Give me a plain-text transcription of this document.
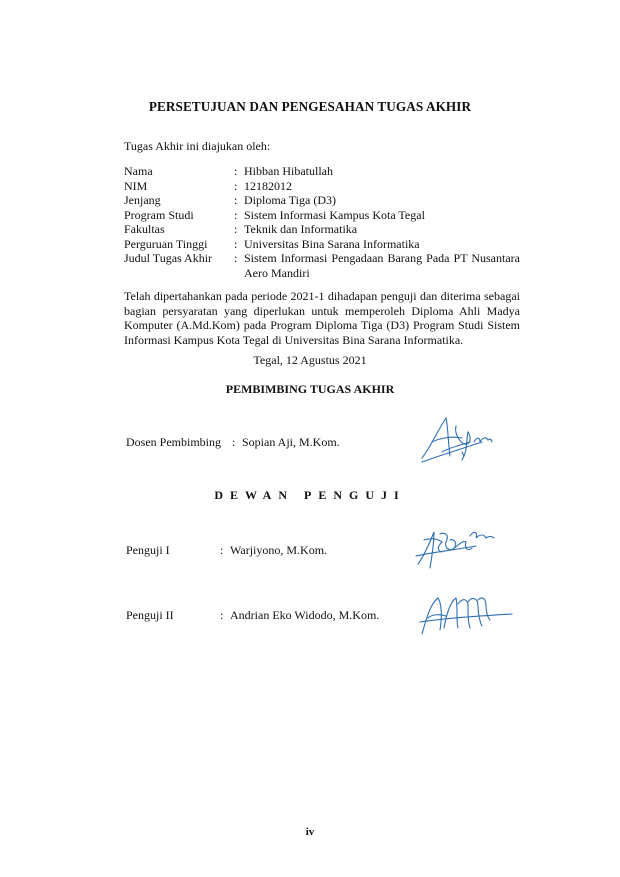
PERSETUJUAN DAN PENGESAHAN TUGAS AKHIR
Tugas Akhir ini diajukan oleh:
Nama	: Hibban Hibatullah
NIM	: 12182012
Jenjang	: Diploma Tiga (D3)
Program Studi	: Sistem Informasi Kampus Kota Tegal
Fakultas	: Teknik dan Informatika
Perguruan Tinggi	: Universitas Bina Sarana Informatika
Judul Tugas Akhir	: Sistem Informasi Pengadaan Barang Pada PT Nusantara Aero Mandiri
Telah dipertahankan pada periode 2021-1 dihadapan penguji dan diterima sebagai bagian persyaratan yang diperlukan untuk memperoleh Diploma Ahli Madya Komputer (A.Md.Kom) pada Program Diploma Tiga (D3) Program Studi Sistem Informasi Kampus Kota Tegal di Universitas Bina Sarana Informatika.
Tegal, 12 Agustus 2021
PEMBIMBING TUGAS AKHIR
Dosen Pembimbing : Sopian Aji, M.Kom.
DEWAN PENGUJI
Penguji I	: Warjiyono, M.Kom.
Penguji II	: Andrian Eko Widodo, M.Kom.
iv
